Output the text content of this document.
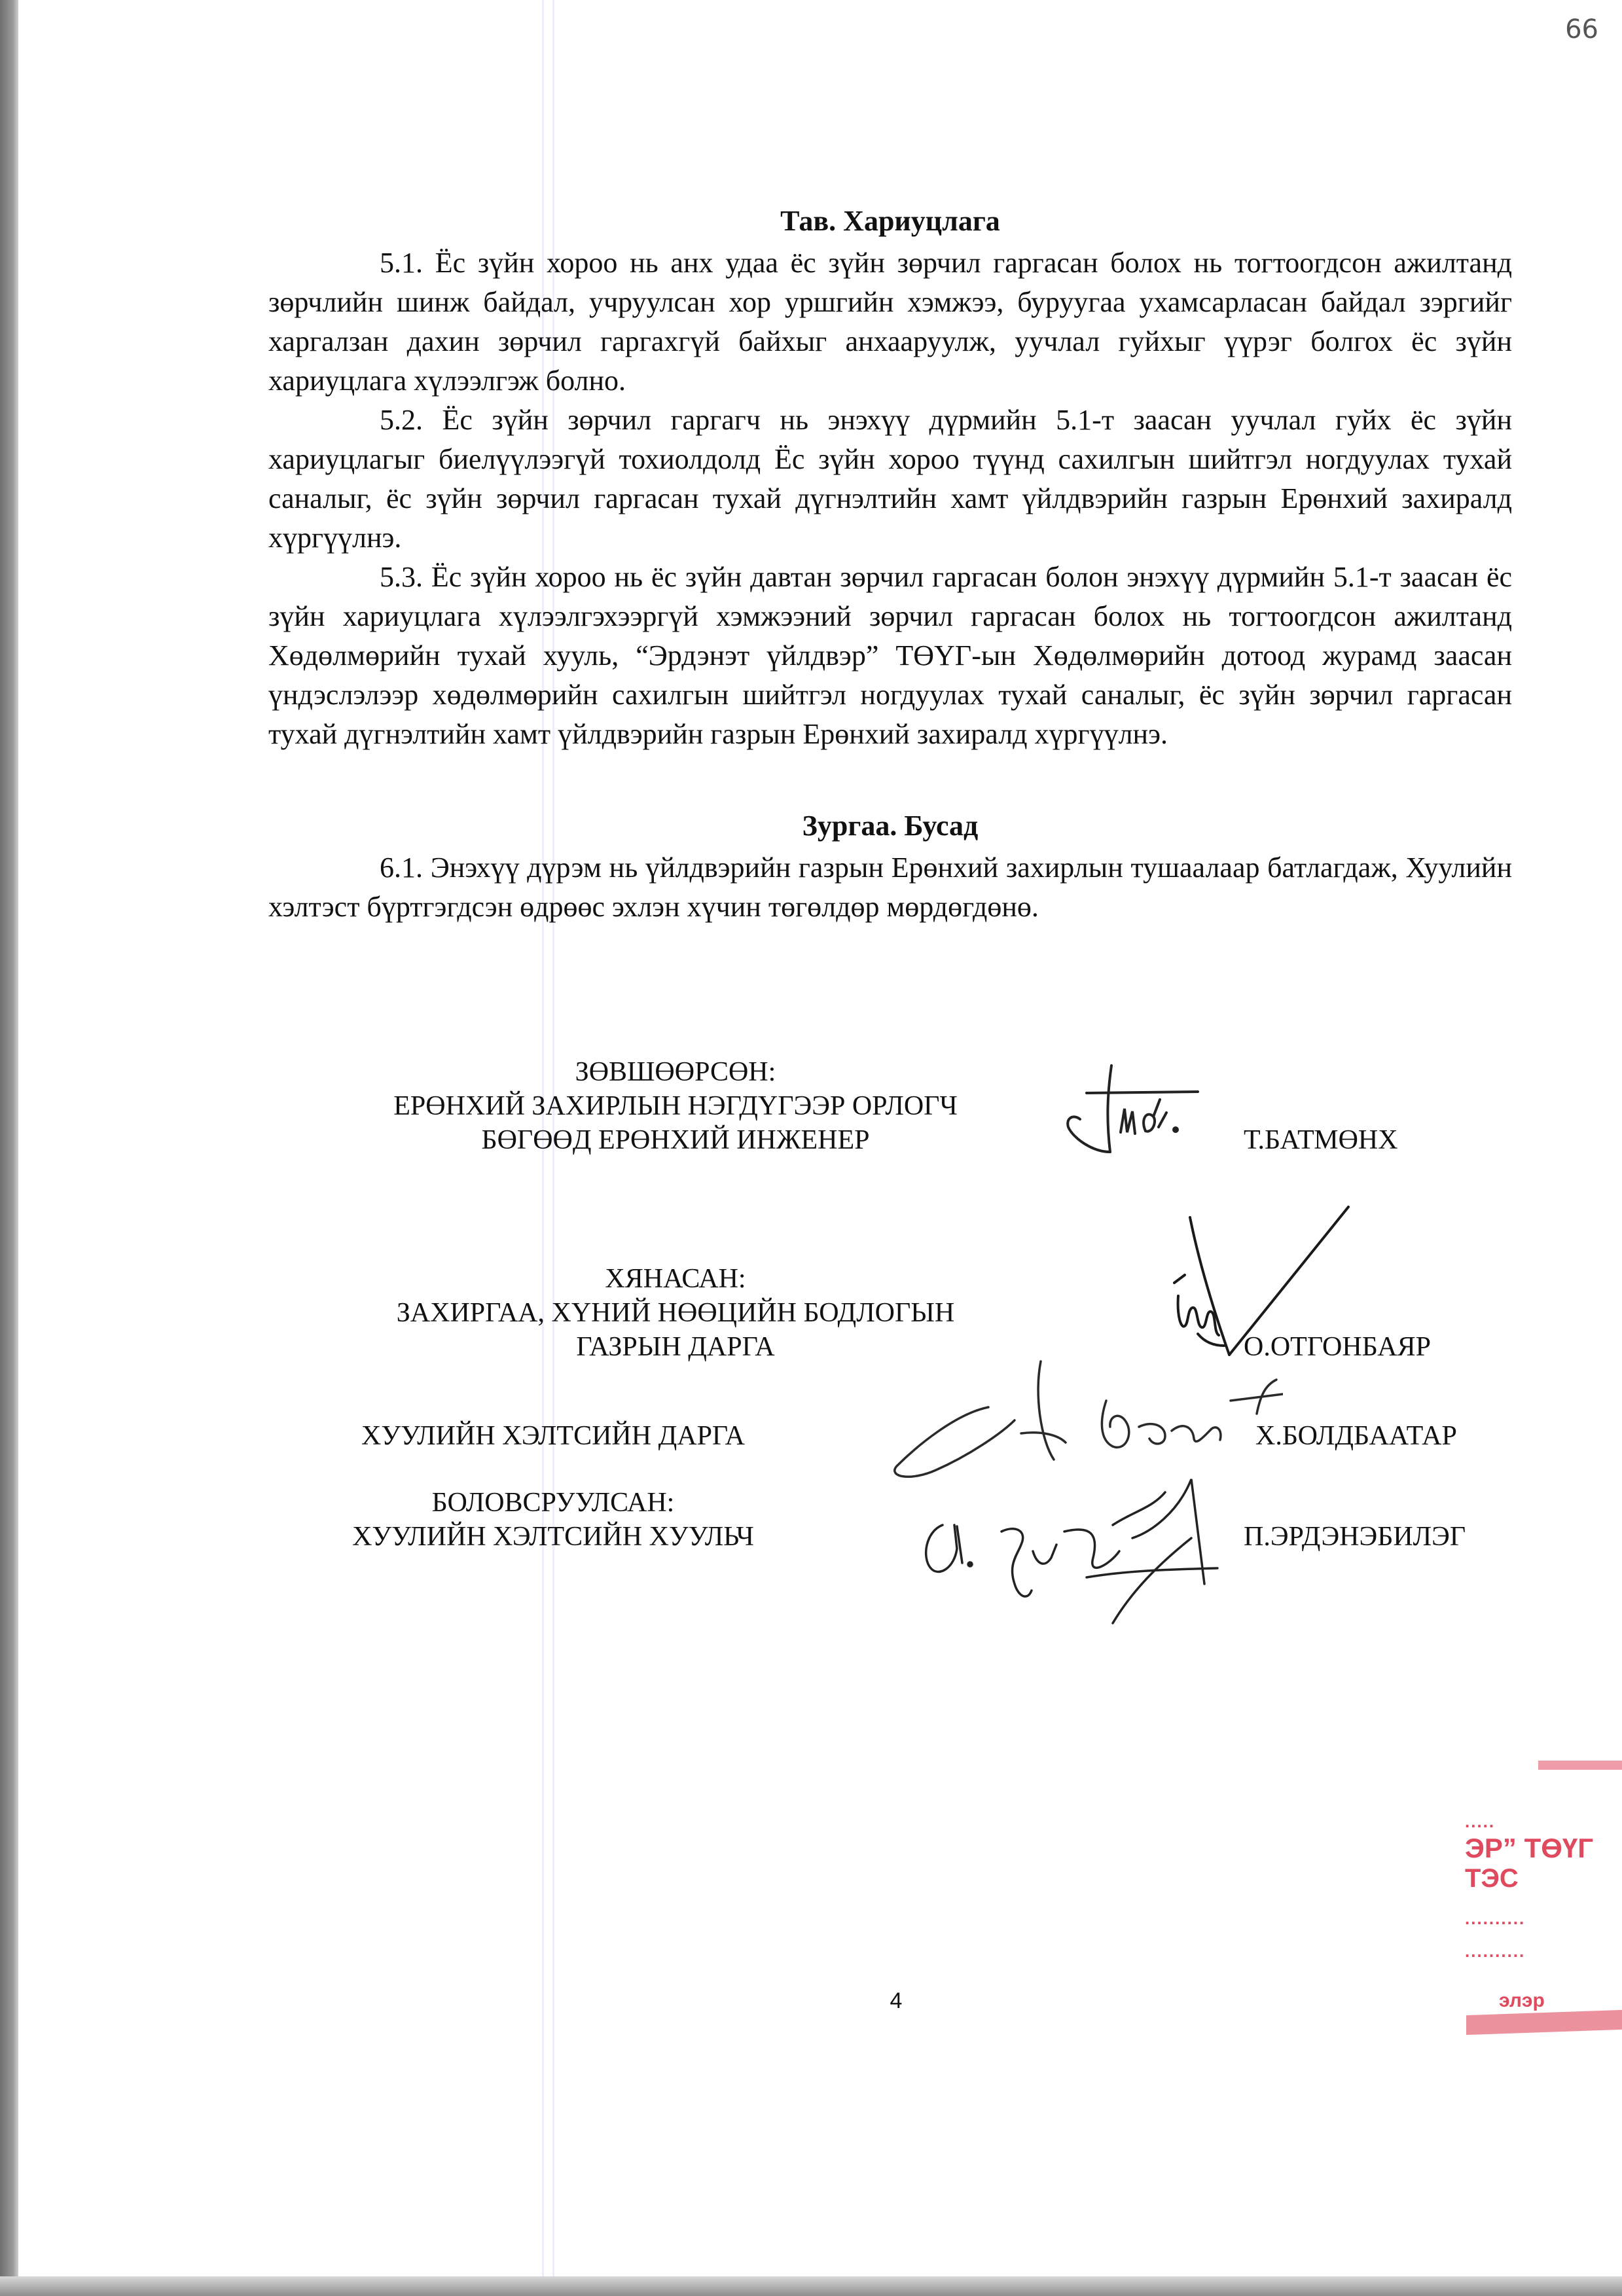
66
Тав. Хариуцлага

5.1. Ёс зүйн хороо нь анх удаа ёс зүйн зөрчил гаргасан болох нь тогтоогдсон ажилтанд зөрчлийн шинж байдал, учруулсан хор уршгийн хэмжээ, буруугаа ухамсарласан байдал зэргийг харгалзан дахин зөрчил гаргахгүй байхыг анхааруулж, уучлал гуйхыг үүрэг болгох ёс зүйн хариуцлага хүлээлгэж болно.

5.2. Ёс зүйн зөрчил гаргагч нь энэхүү дүрмийн 5.1-т заасан уучлал гуйх ёс зүйн хариуцлагыг биелүүлээгүй тохиолдолд Ёс зүйн хороо түүнд сахилгын шийтгэл ногдуулах тухай саналыг, ёс зүйн зөрчил гаргасан тухай дүгнэлтийн хамт үйлдвэрийн газрын Ерөнхий захиралд хүргүүлнэ.

5.3. Ёс зүйн хороо нь ёс зүйн давтан зөрчил гаргасан болон энэхүү дүрмийн 5.1-т заасан ёс зүйн хариуцлага хүлээлгэхээргүй хэмжээний зөрчил гаргасан болох нь тогтоогдсон ажилтанд Хөдөлмөрийн тухай хууль, “Эрдэнэт үйлдвэр” ТӨҮГ-ын Хөдөлмөрийн дотоод журамд заасан үндэслэлээр хөдөлмөрийн сахилгын шийтгэл ногдуулах тухай саналыг, ёс зүйн зөрчил гаргасан тухай дүгнэлтийн хамт үйлдвэрийн газрын Ерөнхий захиралд хүргүүлнэ.

Зургаа. Бусад

6.1. Энэхүү дүрэм нь үйлдвэрийн газрын Ерөнхий захирлын тушаалаар батлагдаж, Хуулийн хэлтэст бүртгэгдсэн өдрөөс эхлэн хүчин төгөлдөр мөрдөгдөнө.

ЗӨВШӨӨРСӨН:
ЕРӨНХИЙ ЗАХИРЛЫН НЭГДҮГЭЭР ОРЛОГЧ
БӨГӨӨД ЕРӨНХИЙ ИНЖЕНЕР	Т.БАТМӨНХ
ХЯНАСАН:
ЗАХИРГАА, ХҮНИЙ НӨӨЦИЙН БОДЛОГЫН
ГАЗРЫН ДАРГА	О.ОТГОНБАЯР
ХУУЛИЙН ХЭЛТСИЙН ДАРГА	Х.БОЛДБААТАР
БОЛОВСРУУЛСАН:
ХУУЛИЙН ХЭЛТСИЙН ХУУЛЬЧ	П.ЭРДЭНЭБИЛЭГ
4
.....
ЭР” ТӨҮГ
ТЭС
..........
..........
элэр
